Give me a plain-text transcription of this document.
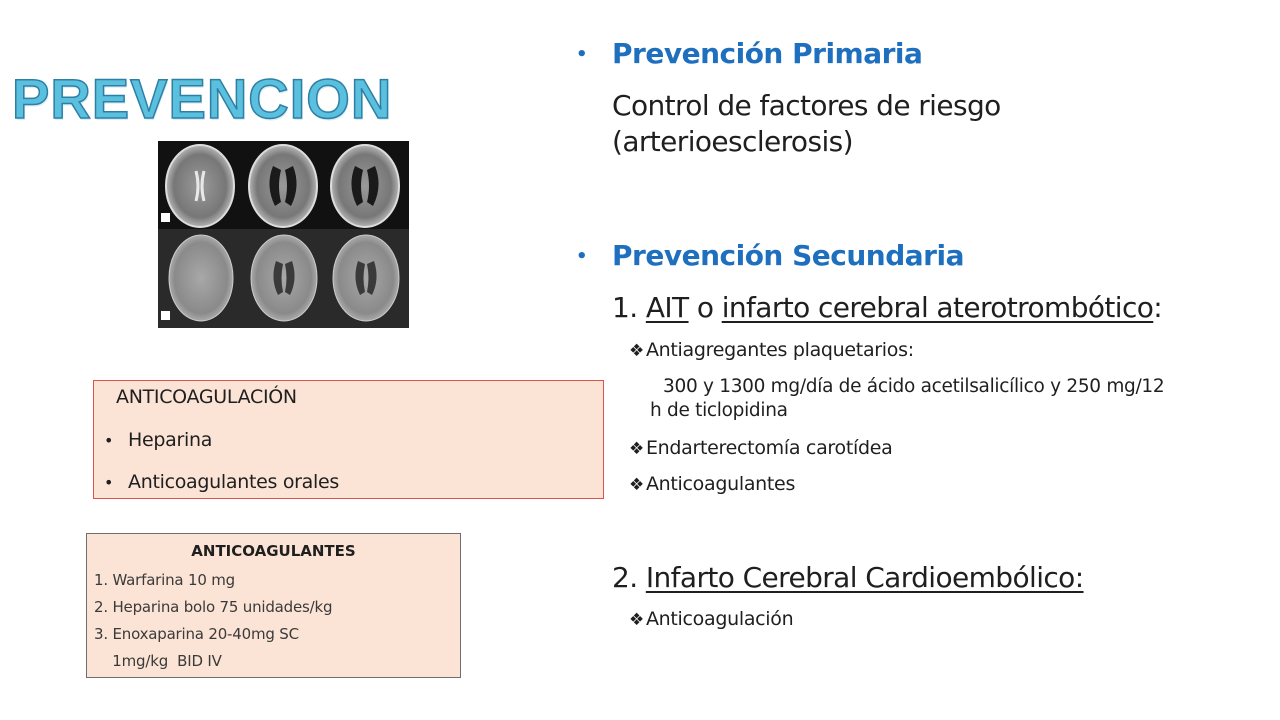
PREVENCION
• Prevención Primaria
Control de factores de riesgo
(arterioesclerosis)
• Prevención Secundaria
1. AIT o infarto cerebral aterotrombótico:
❖ Antiagregantes plaquetarios:
300 y 1300 mg/día de ácido acetilsalicílico y 250 mg/12
h de ticlopidina
❖ Endarterectomía carotídea
❖ Anticoagulantes
2. Infarto Cerebral Cardioembólico:
❖ Anticoagulación
ANTICOAGULACIÓN
• Heparina
• Anticoagulantes orales
ANTICOAGULANTES
1. Warfarina 10 mg
2. Heparina bolo 75 unidades/kg
3. Enoxaparina 20-40mg SC
1mg/kg  BID IV
